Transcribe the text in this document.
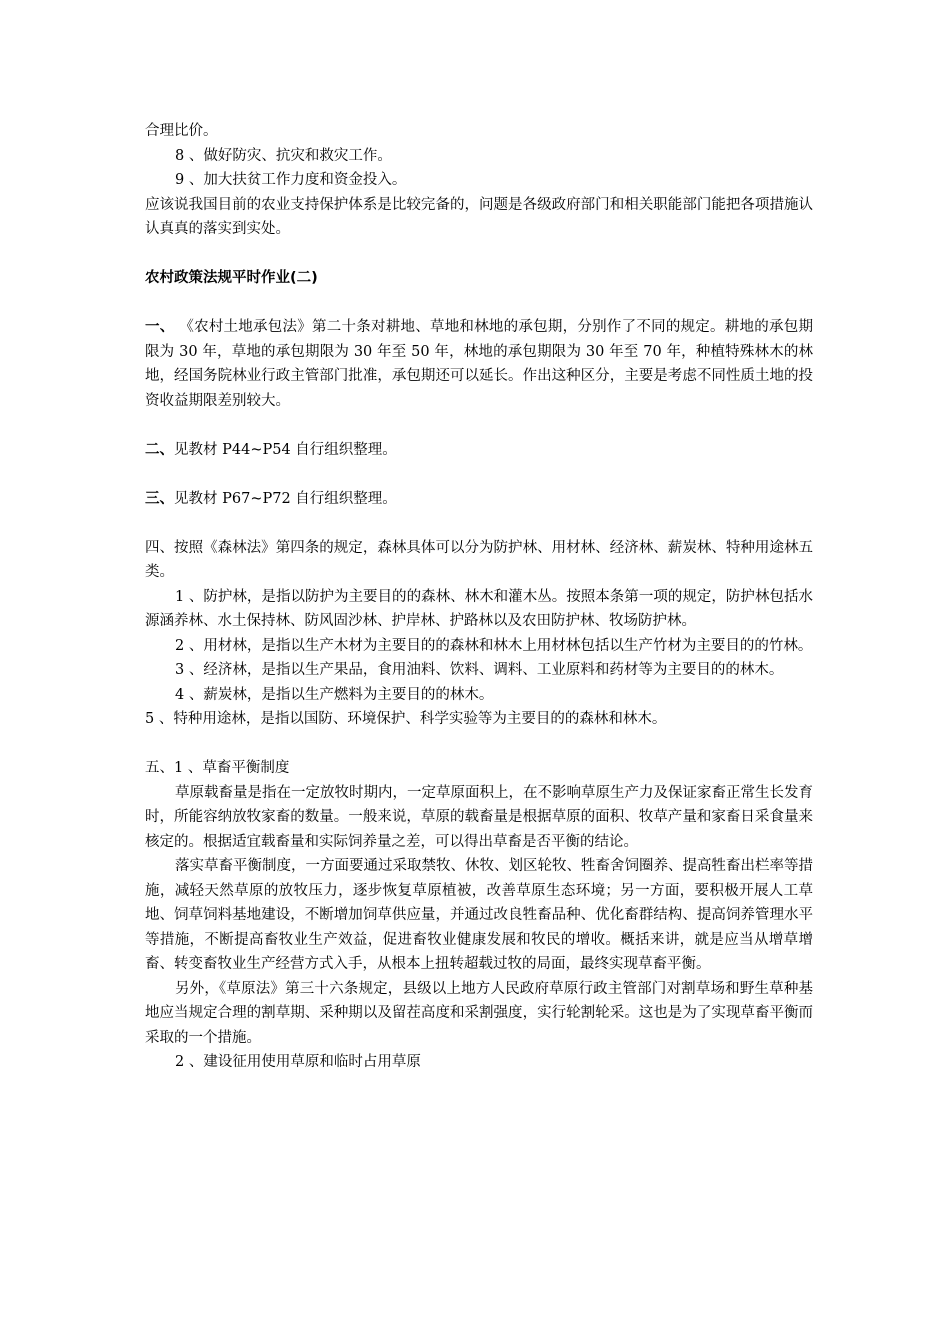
合理比价。

8 、做好防灾、抗灾和救灾工作。

9 、加大扶贫工作力度和资金投入。

应该说我国目前的农业支持保护体系是比较完备的，问题是各级政府部门和相关职能部门能把各项措施认认真真的落实到实处。

农村政策法规平时作业(二)

一、 《农村土地承包法》第二十条对耕地、草地和林地的承包期，分别作了不同的规定。耕地的承包期限为 30 年，草地的承包期限为 30 年至 50 年，林地的承包期限为 30 年至 70 年，种植特殊林木的林地，经国务院林业行政主管部门批准，承包期还可以延长。作出这种区分，主要是考虑不同性质土地的投资收益期限差别较大。

二、见教材 P44~P54 自行组织整理。

三、见教材 P67~P72 自行组织整理。

四、按照《森林法》第四条的规定，森林具体可以分为防护林、用材林、经济林、薪炭林、特种用途林五类。

1 、防护林，是指以防护为主要目的的森林、林木和灌木丛。按照本条第一项的规定，防护林包括水源涵养林、水土保持林、防风固沙林、护岸林、护路林以及农田防护林、牧场防护林。

2 、用材林，是指以生产木材为主要目的的森林和林木上用材林包括以生产竹材为主要目的的竹林。

3 、经济林，是指以生产果品，食用油料、饮料、调料、工业原料和药材等为主要目的的林木。

4 、薪炭林，是指以生产燃料为主要目的的林木。

5 、特种用途林，是指以国防、环境保护、科学实验等为主要目的的森林和林木。

五、1 、草畜平衡制度

草原载畜量是指在一定放牧时期内，一定草原面积上，在不影响草原生产力及保证家畜正常生长发育时，所能容纳放牧家畜的数量。一般来说，草原的载畜量是根据草原的面积、牧草产量和家畜日采食量来核定的。根据适宜载畜量和实际饲养量之差，可以得出草畜是否平衡的结论。

落实草畜平衡制度，一方面要通过采取禁牧、休牧、划区轮牧、牲畜舍饲圈养、提高牲畜出栏率等措施，减轻天然草原的放牧压力，逐步恢复草原植被，改善草原生态环境；另一方面，要积极开展人工草地、饲草饲料基地建设，不断增加饲草供应量，并通过改良牲畜品种、优化畜群结构、提高饲养管理水平等措施，不断提高畜牧业生产效益，促进畜牧业健康发展和牧民的增收。概括来讲，就是应当从增草增畜、转变畜牧业生产经营方式入手，从根本上扭转超载过牧的局面，最终实现草畜平衡。

另外，《草原法》第三十六条规定，县级以上地方人民政府草原行政主管部门对割草场和野生草种基地应当规定合理的割草期、采种期以及留茬高度和采割强度，实行轮割轮采。这也是为了实现草畜平衡而采取的一个措施。

2 、建设征用使用草原和临时占用草原
